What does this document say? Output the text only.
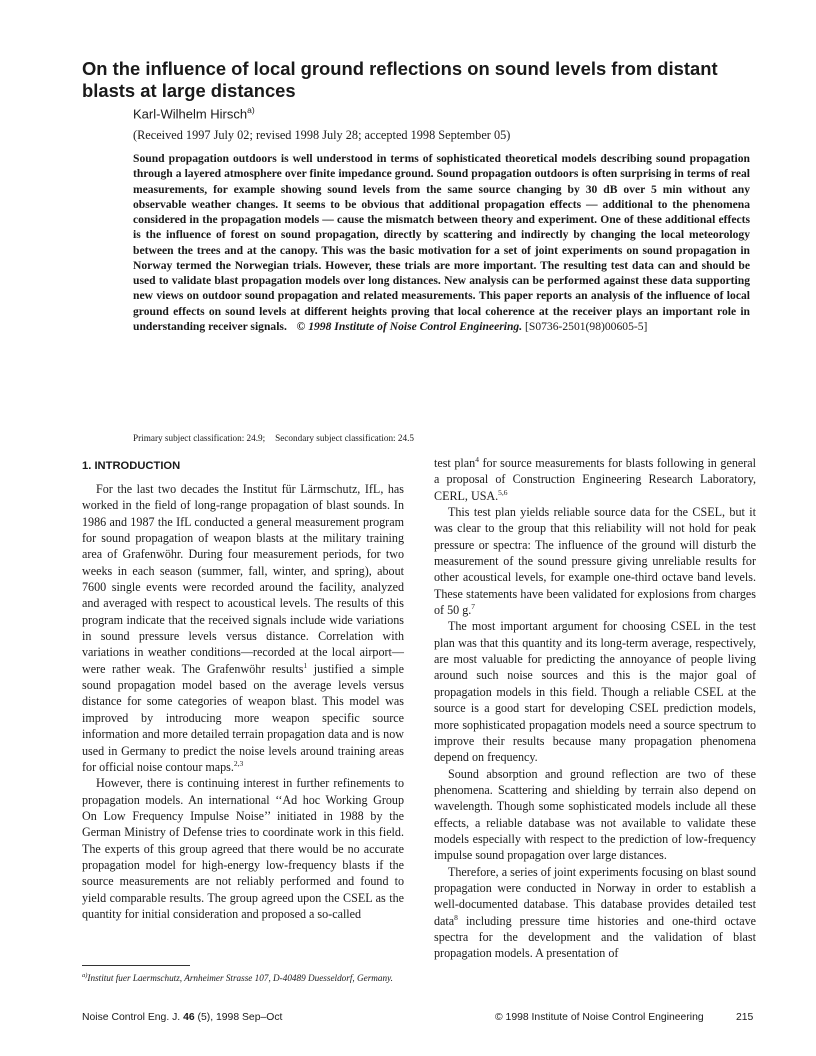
On the influence of local ground reflections on sound levels from distant blasts at large distances
Karl-Wilhelm Hirsch$^{a)}$
(Received 1997 July 02; revised 1998 July 28; accepted 1998 September 05)

Sound propagation outdoors is well understood in terms of sophisticated theoretical models describing sound propagation through a layered atmosphere over finite impedance ground. Sound propagation outdoors is often surprising in terms of real measurements, for example showing sound levels from the same source changing by 30 dB over 5 min without any observable weather changes. It seems to be obvious that additional propagation effects — additional to the phenomena considered in the propagation models — cause the mismatch between theory and experiment. One of these additional effects is the influence of forest on sound propagation, directly by scattering and indirectly by changing the local meteorology between the trees and at the canopy. This was the basic motivation for a set of joint experiments on sound propagation in Norway termed the Norwegian trials. However, these trials are more important. The resulting test data can and should be used to validate blast propagation models over long distances. New analysis can be performed against these data supporting new views on outdoor sound propagation and related measurements. This paper reports an analysis of the influence of local ground effects on sound levels at different heights proving that local coherence at the receiver plays an important role in understanding receiver signals. © 1998 Institute of Noise Control Engineering. [S0736-2501(98)00605-5]

Primary subject classification: 24.9; Secondary subject classification: 24.5
1. INTRODUCTION

For the last two decades the Institut für Lärmschutz, IfL, has worked in the field of long-range propagation of blast sounds. In 1986 and 1987 the IfL conducted a general measurement program for sound propagation of weapon blasts at the military training area of Grafenwöhr. During four measurement periods, for two weeks in each season (summer, fall, winter, and spring), about 7600 single events were recorded around the facility, analyzed and averaged with respect to acoustical levels. The results of this program indicate that the received signals include wide variations in sound pressure levels versus distance. Correlation with variations in weather conditions—recorded at the local airport—were rather weak. The Grafenwöhr results$^1$ justified a simple sound propagation model based on the average levels versus distance for some categories of weapon blast. This model was improved by introducing more weapon specific source information and more detailed terrain propagation data and is now used in Germany to predict the noise levels around training areas for official noise contour maps.$^{2,3}$

However, there is continuing interest in further refinements to propagation models. An international ‘‘Ad hoc Working Group On Low Frequency Impulse Noise’’ initiated in 1988 by the German Ministry of Defense tries to coordinate work in this field. The experts of this group agreed that there would be no accurate propagation model for high-energy low-frequency blasts if the source measurements are not reliably performed and found to yield comparable results. The group agreed upon the CSEL as the quantity for initial consideration and proposed a so-called

test plan$^4$ for source measurements for blasts following in general a proposal of Construction Engineering Research Laboratory, CERL, USA.$^{5,6}$

This test plan yields reliable source data for the CSEL, but it was clear to the group that this reliability will not hold for peak pressure or spectra: The influence of the ground will disturb the measurement of the sound pressure giving unreliable results for other acoustical levels, for example one-third octave band levels. These statements have been validated for explosions from charges of 50 g.$^7$

The most important argument for choosing CSEL in the test plan was that this quantity and its long-term average, respectively, are most valuable for predicting the annoyance of people living around such noise sources and this is the major goal of propagation models in this field. Though a reliable CSEL at the source is a good start for developing CSEL prediction models, more sophisticated propagation models need a source spectrum to improve their results because many propagation phenomena depend on frequency.

Sound absorption and ground reflection are two of these phenomena. Scattering and shielding by terrain also depend on wavelength. Though some sophisticated models include all these effects, a reliable database was not available to validate these models especially with respect to the prediction of low-frequency impulse sound propagation over large distances.

Therefore, a series of joint experiments focusing on blast sound propagation were conducted in Norway in order to establish a well-documented database. This database provides detailed test data$^8$ including pressure time histories and one-third octave spectra for the development and the validation of blast propagation models. A presentation of

$^{a)}$Institut fuer Laermschutz, Arnheimer Strasse 107, D-40489 Duesseldorf, Germany.
Noise Control Eng. J. 46 (5), 1998 Sep–Oct	© 1998 Institute of Noise Control Engineering	215
